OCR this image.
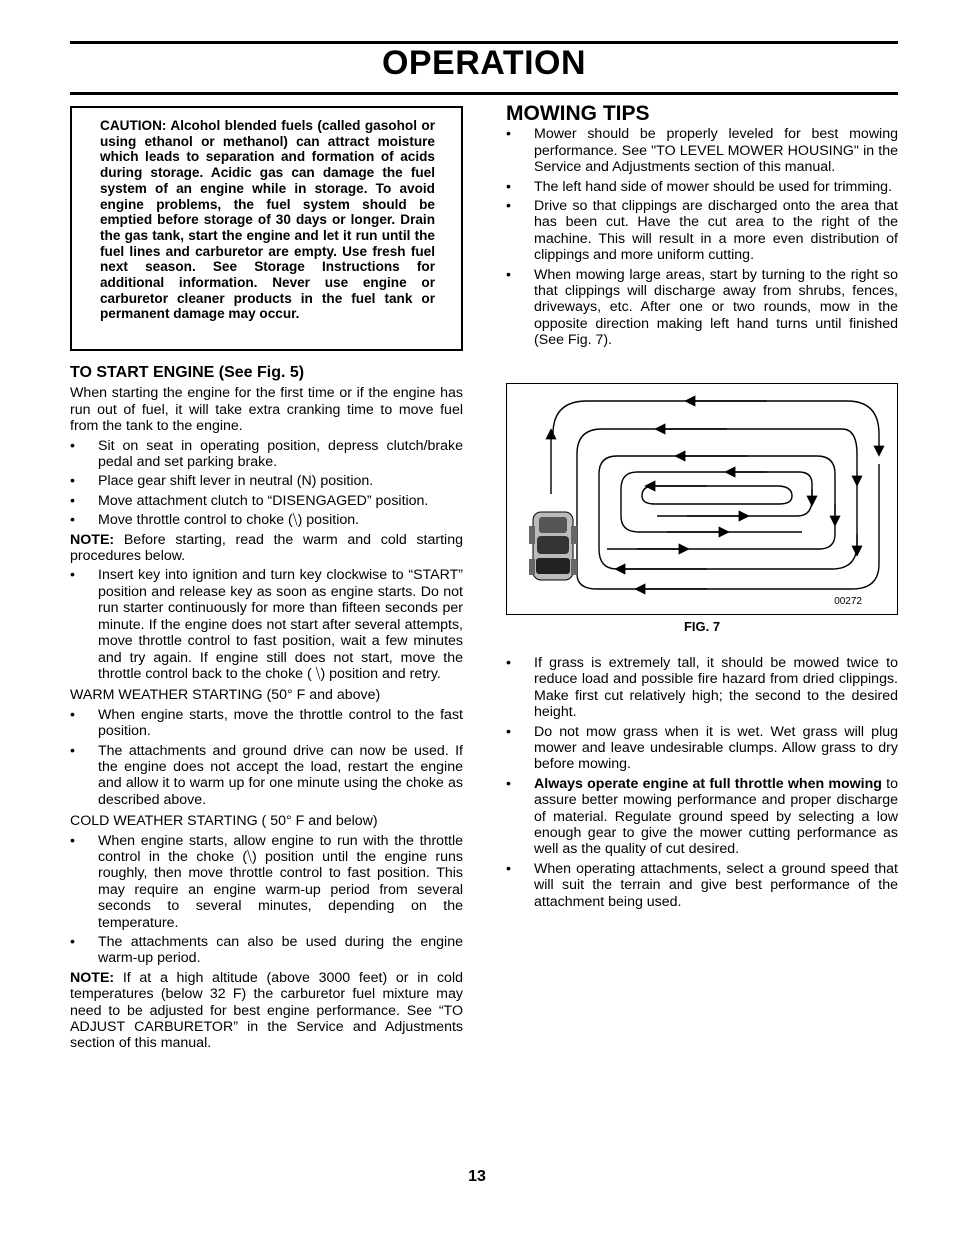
OPERATION

CAUTION: Alcohol blended fuels (called gasohol or using ethanol or methanol) can attract moisture which leads to separation and formation of acids during storage. Acidic gas can damage the fuel system of an engine while in storage. To avoid engine problems, the fuel system should be emptied before storage of 30 days or longer. Drain the gas tank, start the engine and let it run until the fuel lines and carburetor are empty. Use fresh fuel next season. See Storage Instructions for additional information. Never use engine or carburetor cleaner products in the fuel tank or permanent damage may occur.

TO START ENGINE (See Fig. 5)

When starting the engine for the first time or if the engine has run out of fuel, it will take extra cranking time to move fuel from the tank to the engine.

• Sit on seat in operating position, depress clutch/brake pedal and set parking brake.
• Place gear shift lever in neutral (N) position.
• Move attachment clutch to “DISENGAGED” position.
• Move throttle control to choke (⧹) position.

NOTE: Before starting, read the warm and cold starting procedures below.

• Insert key into ignition and turn key clockwise to “START” position and release key as soon as engine starts. Do not run starter continuously for more than fifteen seconds per minute. If the engine does not start after several attempts, move throttle control to fast position, wait a few minutes and try again. If engine still does not start, move the throttle control back to the choke ( ⧹) position and retry.

WARM WEATHER STARTING (50° F and above)

• When engine starts, move the throttle control to the fast position.
• The attachments and ground drive can now be used. If the engine does not accept the load, restart the engine and allow it to warm up for one minute using the choke as described above.

COLD WEATHER STARTING ( 50° F and below)

• When engine starts, allow engine to run with the throttle control in the choke (⧹) position until the engine runs roughly, then move throttle control to fast position. This may require an engine warm-up period from several seconds to several minutes, depending on the temperature.
• The attachments can also be used during the engine warm-up period.

NOTE: If at a high altitude (above 3000 feet) or in cold temperatures (below 32 F) the carburetor fuel mixture may need to be adjusted for best engine performance. See “TO ADJUST CARBURETOR” in the Service and Adjustments section of this manual.

MOWING TIPS
• Mower should be properly leveled for best mowing performance. See "TO LEVEL MOWER HOUSING" in the Service and Adjustments section of this manual.
• The left hand side of mower should be used for trimming.
• Drive so that clippings are discharged onto the area that has been cut. Have the cut area to the right of the machine. This will result in a more even distribution of clippings and more uniform cutting.
• When mowing large areas, start by turning to the right so that clippings will discharge away from shrubs, fences, driveways, etc. After one or two rounds, mow in the opposite direction making left hand turns until finished (See Fig. 7).
00272
FIG. 7
• If grass is extremely tall, it should be mowed twice to reduce load and possible fire hazard from dried clippings. Make first cut relatively high; the second to the desired height.
• Do not mow grass when it is wet. Wet grass will plug mower and leave undesirable clumps. Allow grass to dry before mowing.
• Always operate engine at full throttle when mowing to assure better mowing performance and proper discharge of material. Regulate ground speed by selecting a low enough gear to give the mower cutting performance as well as the quality of cut desired.
• When operating attachments, select a ground speed that will suit the terrain and give best performance of the attachment being used.
13
